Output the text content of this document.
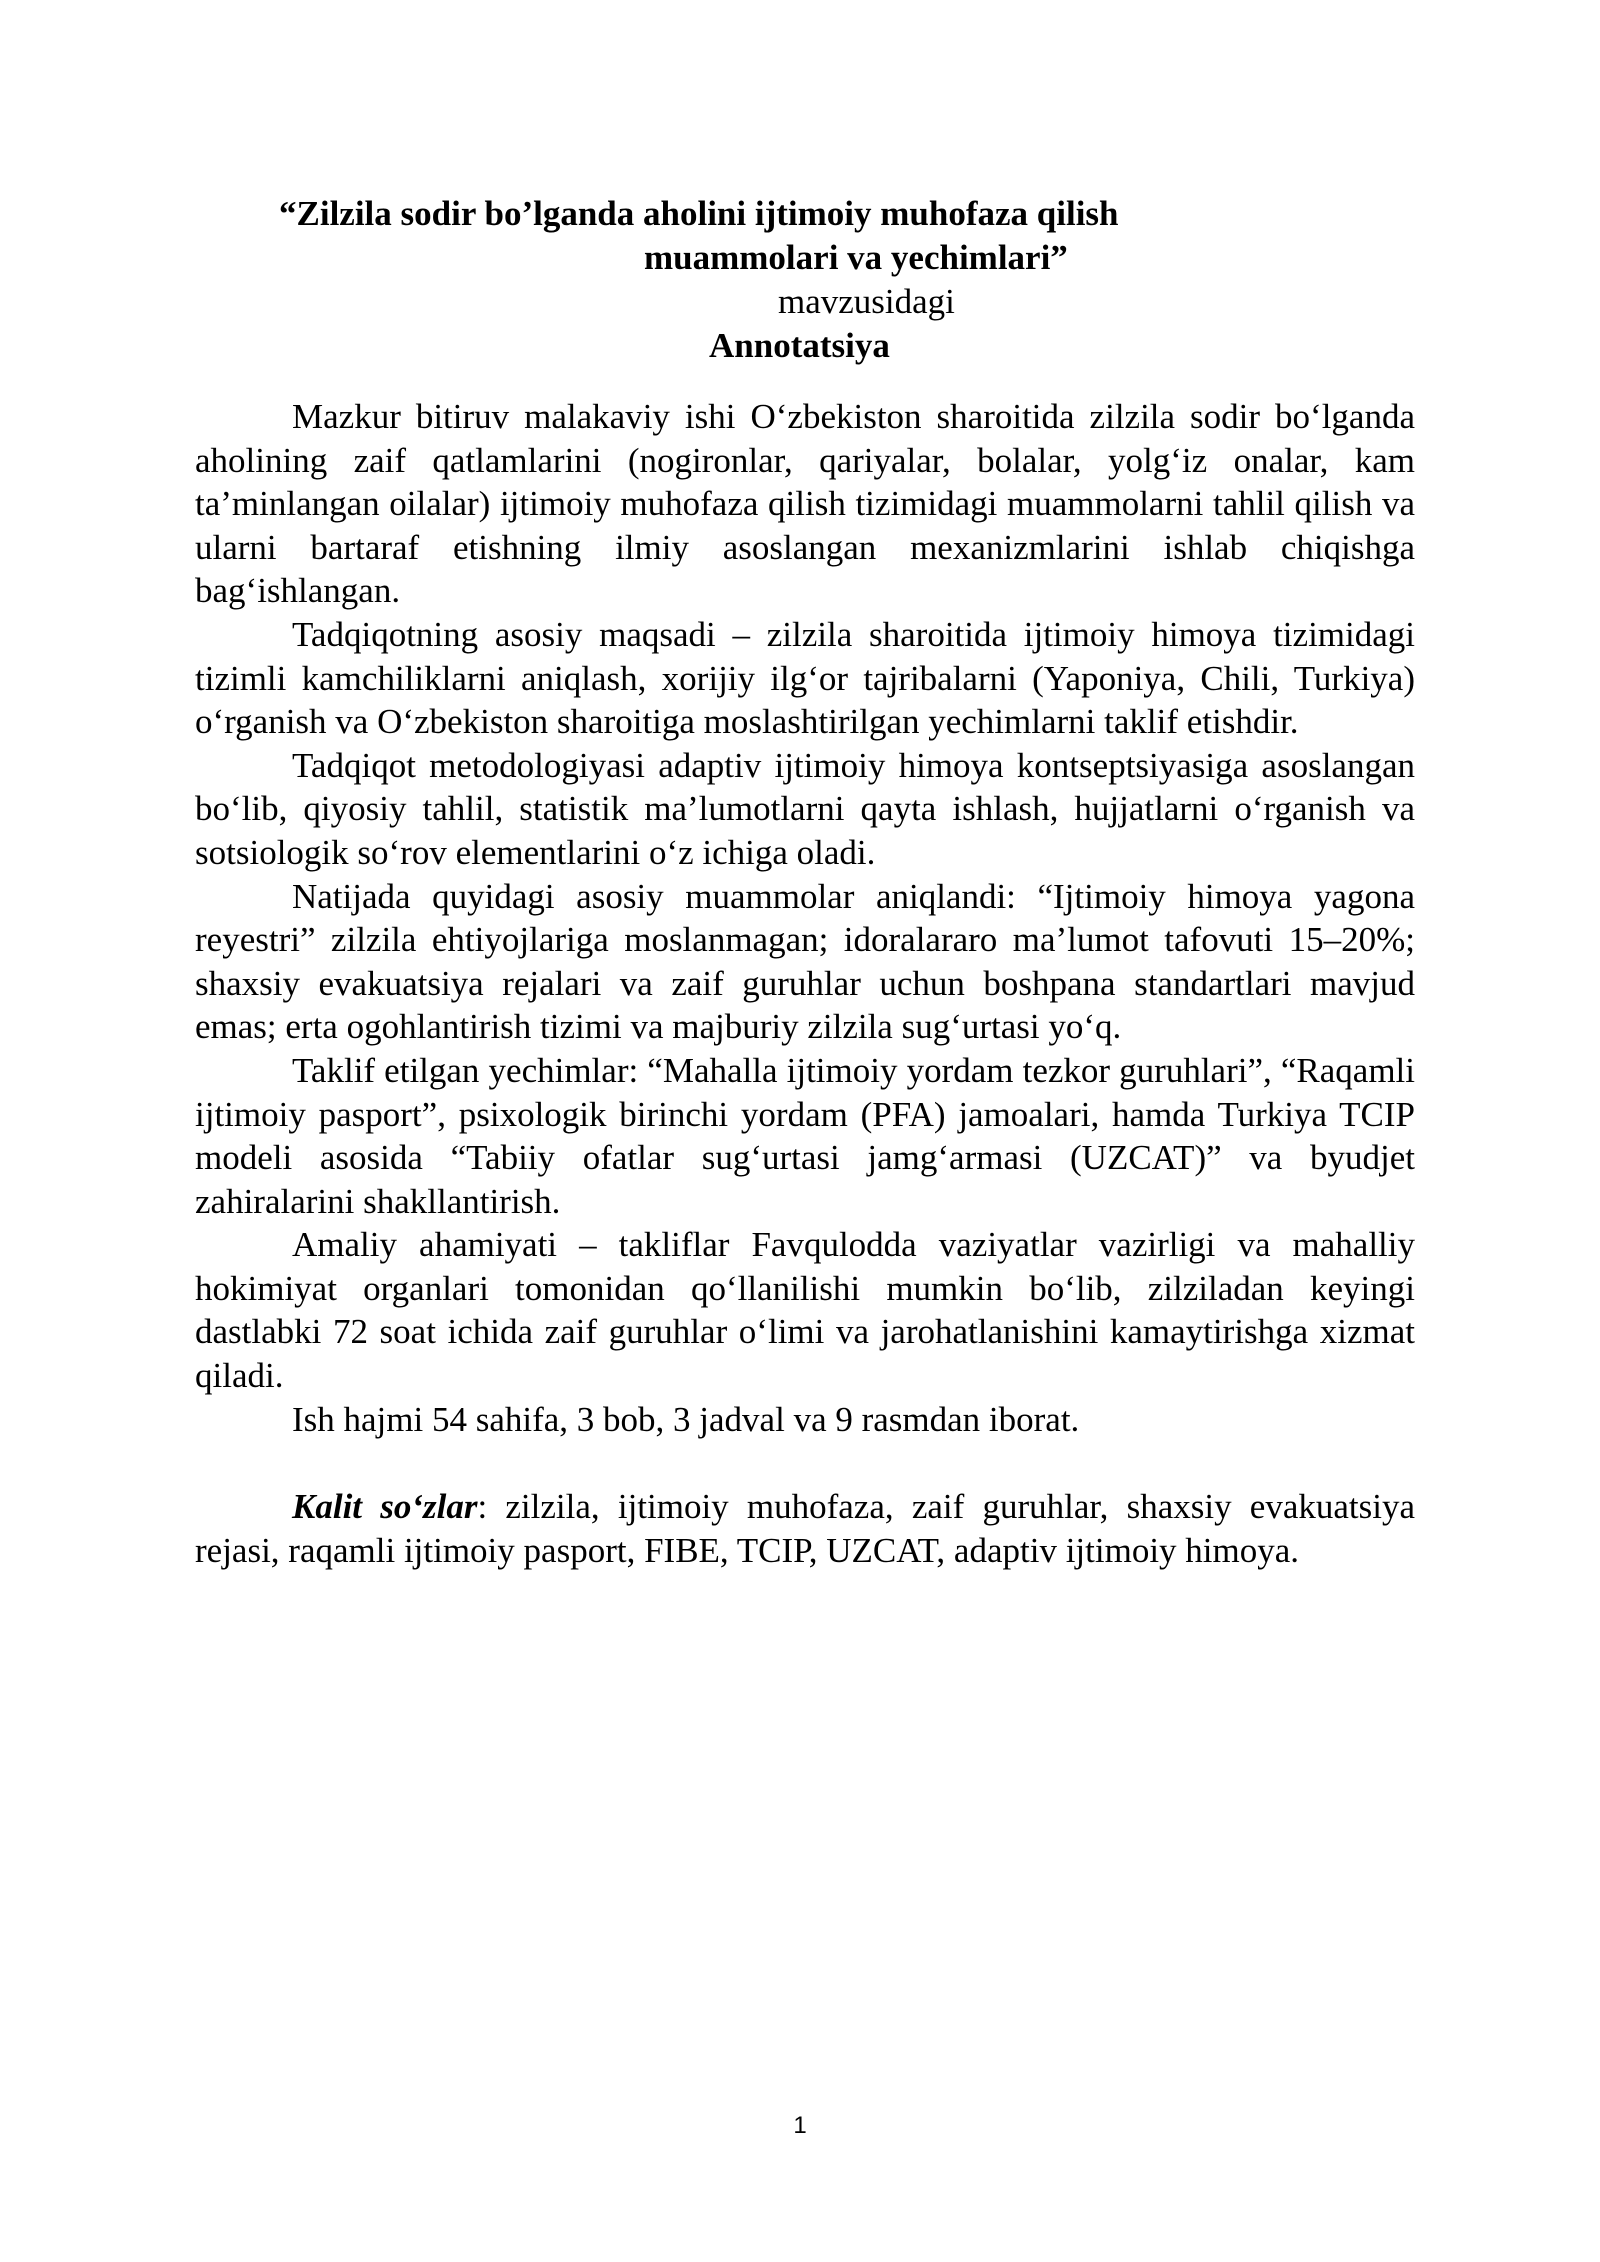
“Zilzila sodir bo’lganda aholini ijtimoiy muhofaza qilish
muammolari va yechimlari”
mavzusidagi
Annotatsiya

Mazkur bitiruv malakaviy ishi O‘zbekiston sharoitida zilzila sodir bo‘lganda aholining zaif qatlamlarini (nogironlar, qariyalar, bolalar, yolg‘iz onalar, kam ta’minlangan oilalar) ijtimoiy muhofaza qilish tizimidagi muammolarni tahlil qilish va ularni bartaraf etishning ilmiy asoslangan mexanizmlarini ishlab chiqishga bag‘ishlangan.

Tadqiqotning asosiy maqsadi – zilzila sharoitida ijtimoiy himoya tizimidagi tizimli kamchiliklarni aniqlash, xorijiy ilg‘or tajribalarni (Yaponiya, Chili, Turkiya) o‘rganish va O‘zbekiston sharoitiga moslashtirilgan yechimlarni taklif etishdir.

Tadqiqot metodologiyasi adaptiv ijtimoiy himoya kontseptsiyasiga asoslangan bo‘lib, qiyosiy tahlil, statistik ma’lumotlarni qayta ishlash, hujjatlarni o‘rganish va sotsiologik so‘rov elementlarini o‘z ichiga oladi.

Natijada quyidagi asosiy muammolar aniqlandi: “Ijtimoiy himoya yagona reyestri” zilzila ehtiyojlariga moslanmagan; idoralararo ma’lumot tafovuti 15–20%; shaxsiy evakuatsiya rejalari va zaif guruhlar uchun boshpana standartlari mavjud emas; erta ogohlantirish tizimi va majburiy zilzila sug‘urtasi yo‘q.

Taklif etilgan yechimlar: “Mahalla ijtimoiy yordam tezkor guruhlari”, “Raqamli ijtimoiy pasport”, psixologik birinchi yordam (PFA) jamoalari, hamda Turkiya TCIP modeli asosida “Tabiiy ofatlar sug‘urtasi jamg‘armasi (UZCAT)” va byudjet zahiralarini shakllantirish.

Amaliy ahamiyati – takliflar Favqulodda vaziyatlar vazirligi va mahalliy hokimiyat organlari tomonidan qo‘llanilishi mumkin bo‘lib, zilziladan keyingi dastlabki 72 soat ichida zaif guruhlar o‘limi va jarohatlanishini kamaytirishga xizmat qiladi.

Ish hajmi 54 sahifa, 3 bob, 3 jadval va 9 rasmdan iborat.

Kalit so‘zlar: zilzila, ijtimoiy muhofaza, zaif guruhlar, shaxsiy evakuatsiya rejasi, raqamli ijtimoiy pasport, FIBE, TCIP, UZCAT, adaptiv ijtimoiy himoya.

1
